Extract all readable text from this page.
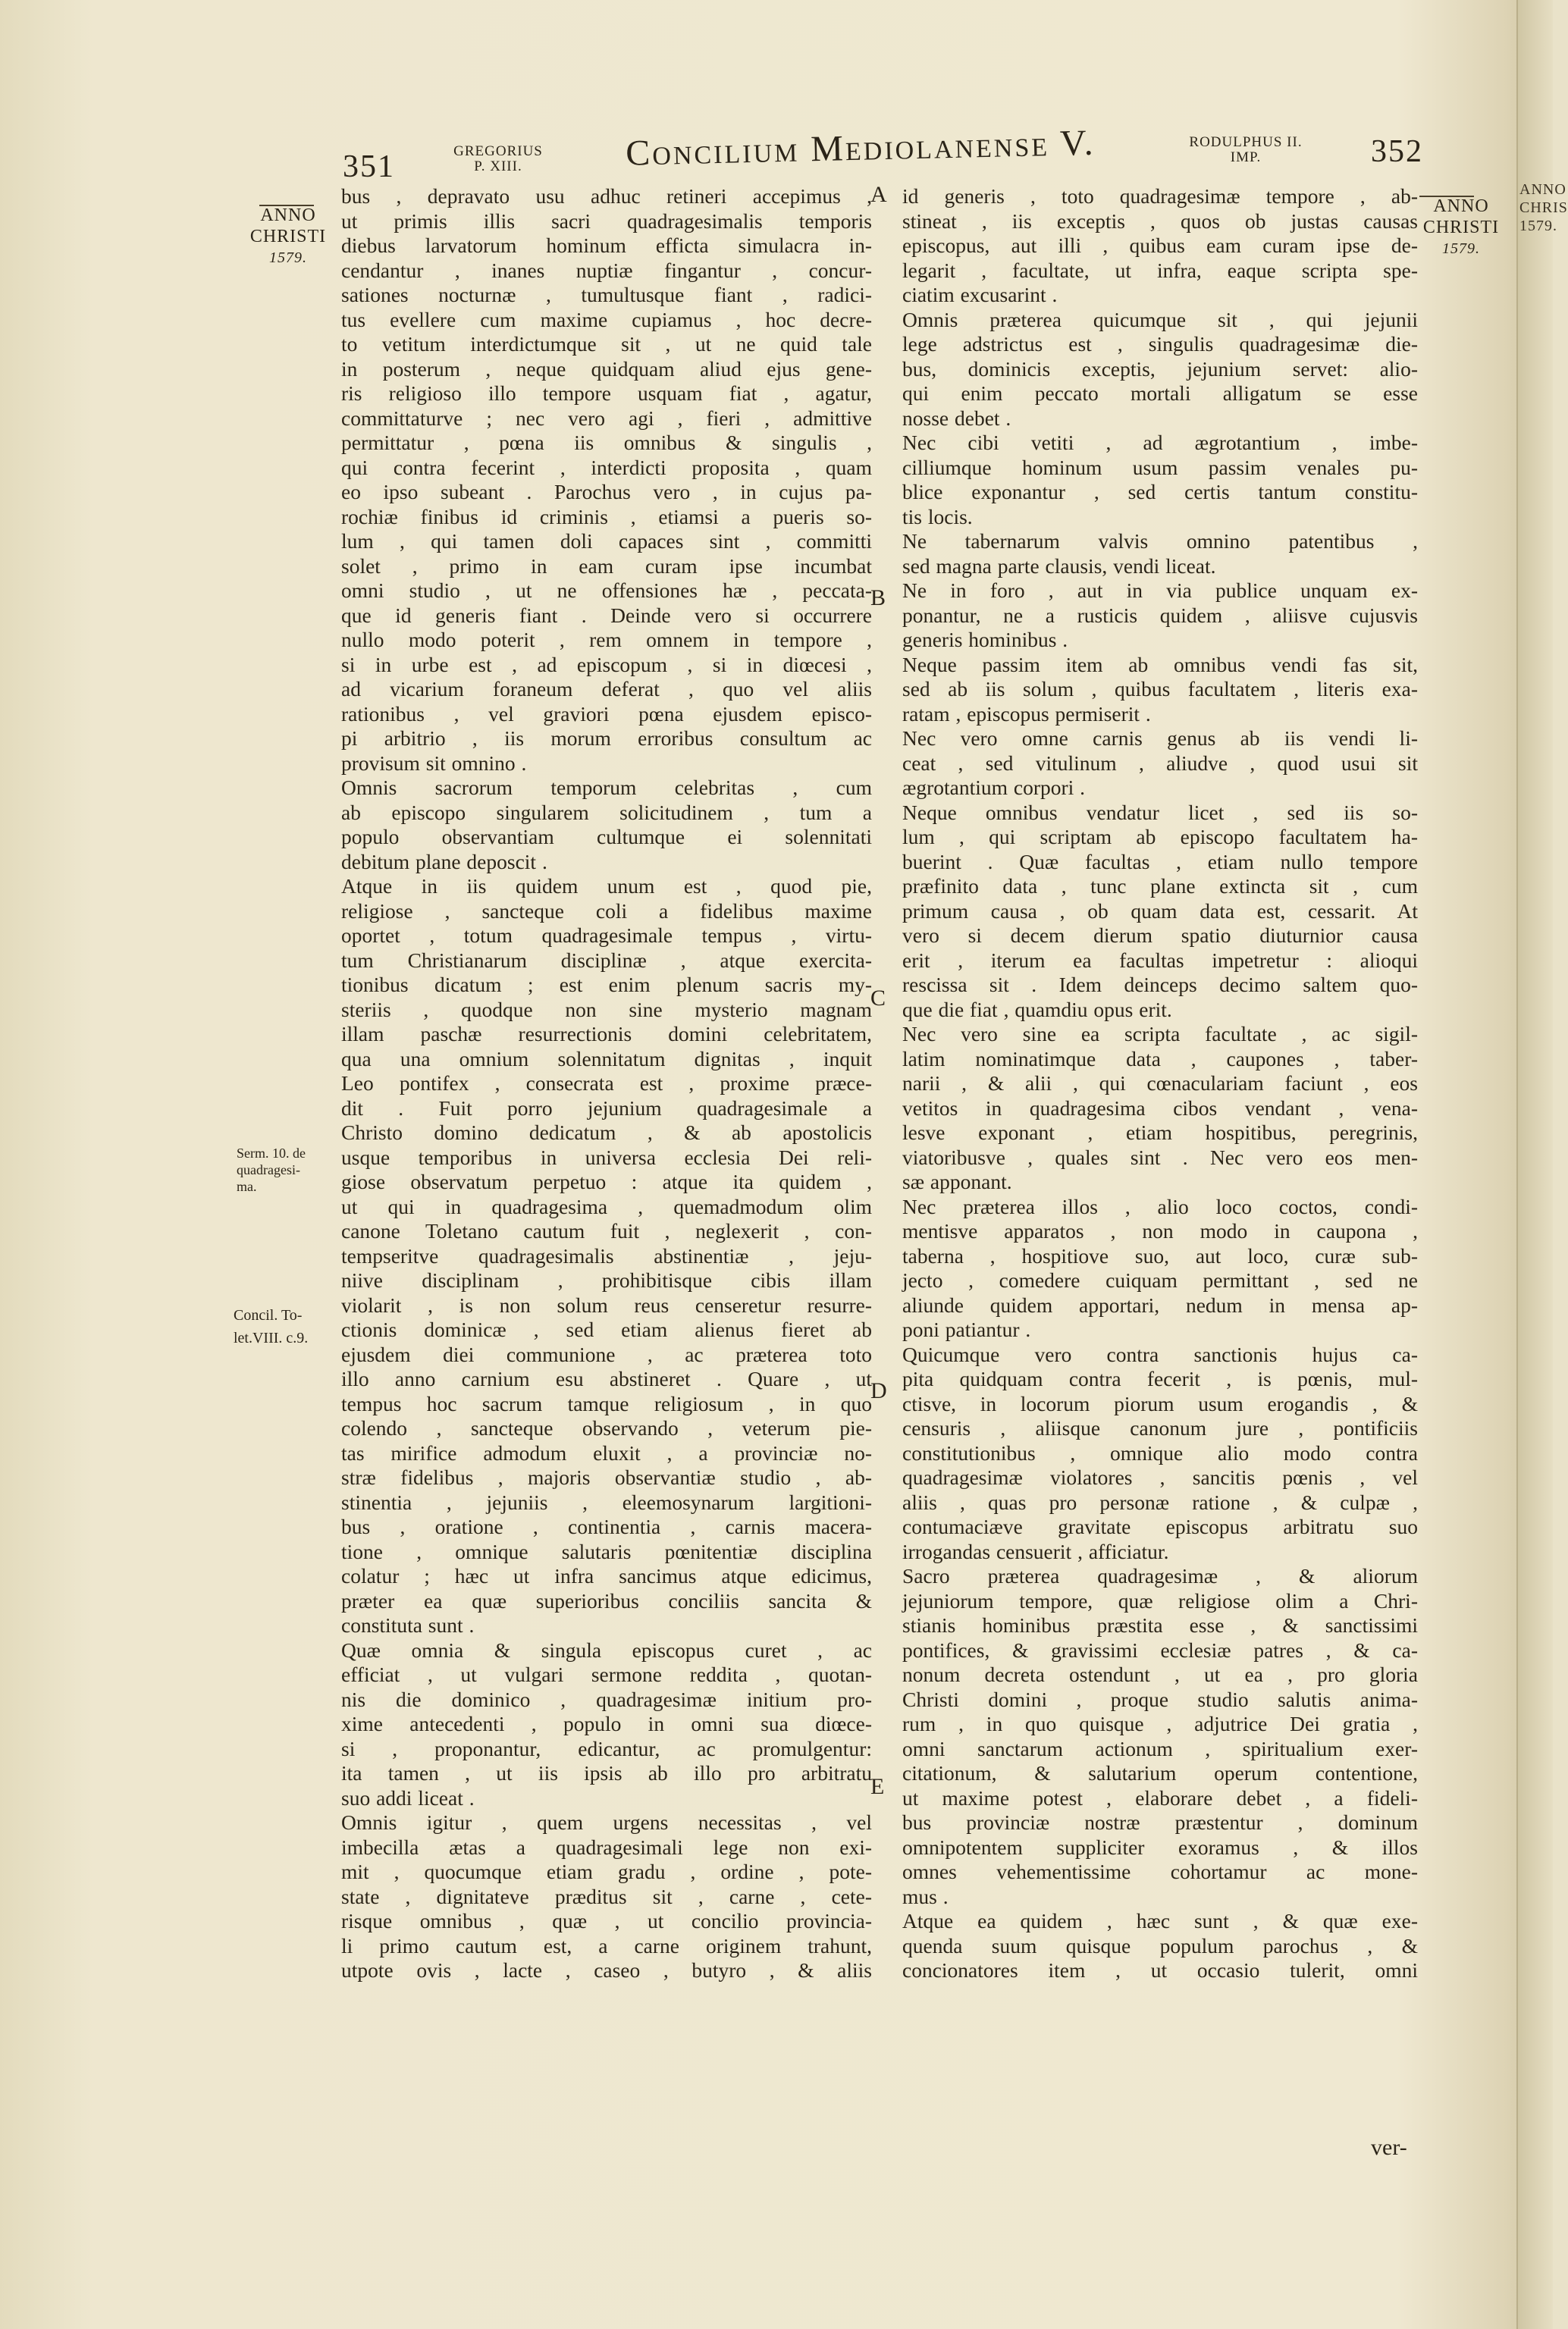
351	GREGORIUS
P. XIII.	Concilium Mediolanense V.	RODULPHUS II.
IMP.	352
ANNO
CHRISTI
1579.
Serm. 10. de
quadragesi-
ma.
Concil. To-
let.VIII. c.9.
ANNO
CHRISTI
1579.
A
B
C
D
E
bus , depravato usu adhuc retineri accepimus ,
ut primis illis sacri quadragesimalis temporis
diebus larvatorum hominum efficta simulacra in-
cendantur , inanes nuptiæ fingantur , concur-
sationes nocturnæ , tumultusque fiant , radici-
tus evellere cum maxime cupiamus , hoc decre-
to vetitum interdictumque sit , ut ne quid tale
in posterum , neque quidquam aliud ejus gene-
ris religioso illo tempore usquam fiat , agatur,
committaturve ; nec vero agi , fieri , admittive
permittatur , pœna iis omnibus & singulis ,
qui contra fecerint , interdicti proposita , quam
eo ipso subeant . Parochus vero , in cujus pa-
rochiæ finibus id criminis , etiamsi a pueris so-
lum , qui tamen doli capaces sint , committi
solet , primo in eam curam ipse incumbat
omni studio , ut ne offensiones hæ , peccata-
que id generis fiant . Deinde vero si occurrere
nullo modo poterit , rem omnem in tempore ,
si in urbe est , ad episcopum , si in diœcesi ,
ad vicarium foraneum deferat , quo vel aliis
rationibus , vel graviori pœna ejusdem episco-
pi arbitrio , iis morum erroribus consultum ac
provisum sit omnino .
Omnis sacrorum temporum celebritas , cum
ab episcopo singularem solicitudinem , tum a
populo observantiam cultumque ei solennitati
debitum plane deposcit .
Atque in iis quidem unum est , quod pie,
religiose , sancteque coli a fidelibus maxime
oportet , totum quadragesimale tempus , virtu-
tum Christianarum disciplinæ , atque exercita-
tionibus dicatum ; est enim plenum sacris my-
steriis , quodque non sine mysterio magnam
illam paschæ resurrectionis domini celebritatem,
qua una omnium solennitatum dignitas , inquit
Leo pontifex , consecrata est , proxime præce-
dit . Fuit porro jejunium quadragesimale a
Christo domino dedicatum , & ab apostolicis
usque temporibus in universa ecclesia Dei reli-
giose observatum perpetuo : atque ita quidem ,
ut qui in quadragesima , quemadmodum olim
canone Toletano cautum fuit , neglexerit , con-
tempseritve quadragesimalis abstinentiæ , jeju-
niive disciplinam , prohibitisque cibis illam
violarit , is non solum reus censeretur resurre-
ctionis dominicæ , sed etiam alienus fieret ab
ejusdem diei communione , ac præterea toto
illo anno carnium esu abstineret . Quare , ut
tempus hoc sacrum tamque religiosum , in quo
colendo , sancteque observando , veterum pie-
tas mirifice admodum eluxit , a provinciæ no-
stræ fidelibus , majoris observantiæ studio , ab-
stinentia , jejuniis , eleemosynarum largitioni-
bus , oratione , continentia , carnis macera-
tione , omnique salutaris pœnitentiæ disciplina
colatur ; hæc ut infra sancimus atque edicimus,
præter ea quæ superioribus conciliis sancita &
constituta sunt .
Quæ omnia & singula episcopus curet , ac
efficiat , ut vulgari sermone reddita , quotan-
nis die dominico , quadragesimæ initium pro-
xime antecedenti , populo in omni sua diœce-
si , proponantur, edicantur, ac promulgentur:
ita tamen , ut iis ipsis ab illo pro arbitratu
suo addi liceat .
Omnis igitur , quem urgens necessitas , vel
imbecilla ætas a quadragesimali lege non exi-
mit , quocumque etiam gradu , ordine , pote-
state , dignitateve præditus sit , carne , cete-
risque omnibus , quæ , ut concilio provincia-
li primo cautum est, a carne originem trahunt,
utpote ovis , lacte , caseo , butyro , & aliis
id generis , toto quadragesimæ tempore , ab-
stineat , iis exceptis , quos ob justas causas
episcopus, aut illi , quibus eam curam ipse de-
legarit , facultate, ut infra, eaque scripta spe-
ciatim excusarint .
Omnis præterea quicumque sit , qui jejunii
lege adstrictus est , singulis quadragesimæ die-
bus, dominicis exceptis, jejunium servet: alio-
qui enim peccato mortali alligatum se esse
nosse debet .
Nec cibi vetiti , ad ægrotantium , imbe-
cilliumque hominum usum passim venales pu-
blice exponantur , sed certis tantum constitu-
tis locis.
Ne tabernarum valvis omnino patentibus ,
sed magna parte clausis, vendi liceat.
Ne in foro , aut in via publice unquam ex-
ponantur, ne a rusticis quidem , aliisve cujusvis
generis hominibus .
Neque passim item ab omnibus vendi fas sit,
sed ab iis solum , quibus facultatem , literis exa-
ratam , episcopus permiserit .
Nec vero omne carnis genus ab iis vendi li-
ceat , sed vitulinum , aliudve , quod usui sit
ægrotantium corpori .
Neque omnibus vendatur licet , sed iis so-
lum , qui scriptam ab episcopo facultatem ha-
buerint . Quæ facultas , etiam nullo tempore
præfinito data , tunc plane extincta sit , cum
primum causa , ob quam data est, cessarit. At
vero si decem dierum spatio diuturnior causa
erit , iterum ea facultas impetretur : alioqui
rescissa sit . Idem deinceps decimo saltem quo-
que die fiat , quamdiu opus erit.
Nec vero sine ea scripta facultate , ac sigil-
latim nominatimque data , caupones , taber-
narii , & alii , qui cœnaculariam faciunt , eos
vetitos in quadragesima cibos vendant , vena-
lesve exponant , etiam hospitibus, peregrinis,
viatoribusve , quales sint . Nec vero eos men-
sæ apponant.
Nec præterea illos , alio loco coctos, condi-
mentisve apparatos , non modo in caupona ,
taberna , hospitiove suo, aut loco, curæ sub-
jecto , comedere cuiquam permittant , sed ne
aliunde quidem apportari, nedum in mensa ap-
poni patiantur .
Quicumque vero contra sanctionis hujus ca-
pita quidquam contra fecerit , is pœnis, mul-
ctisve, in locorum piorum usum erogandis , &
censuris , aliisque canonum jure , pontificiis
constitutionibus , omnique alio modo contra
quadragesimæ violatores , sancitis pœnis , vel
aliis , quas pro personæ ratione , & culpæ ,
contumaciæve gravitate episcopus arbitratu suo
irrogandas censuerit , afficiatur.
Sacro præterea quadragesimæ , & aliorum
jejuniorum tempore, quæ religiose olim a Chri-
stianis hominibus præstita esse , & sanctissimi
pontifices, & gravissimi ecclesiæ patres , & ca-
nonum decreta ostendunt , ut ea , pro gloria
Christi domini , proque studio salutis anima-
rum , in quo quisque , adjutrice Dei gratia ,
omni sanctarum actionum , spiritualium exer-
citationum, & salutarium operum contentione,
ut maxime potest , elaborare debet , a fideli-
bus provinciæ nostræ præstentur , dominum
omnipotentem suppliciter exoramus , & illos
omnes vehementissime cohortamur ac mone-
mus .
Atque ea quidem , hæc sunt , & quæ exe-
quenda suum quisque populum parochus , &
concionatores item , ut occasio tulerit, omni
ver-
ANNO
CHRIS
1579.
